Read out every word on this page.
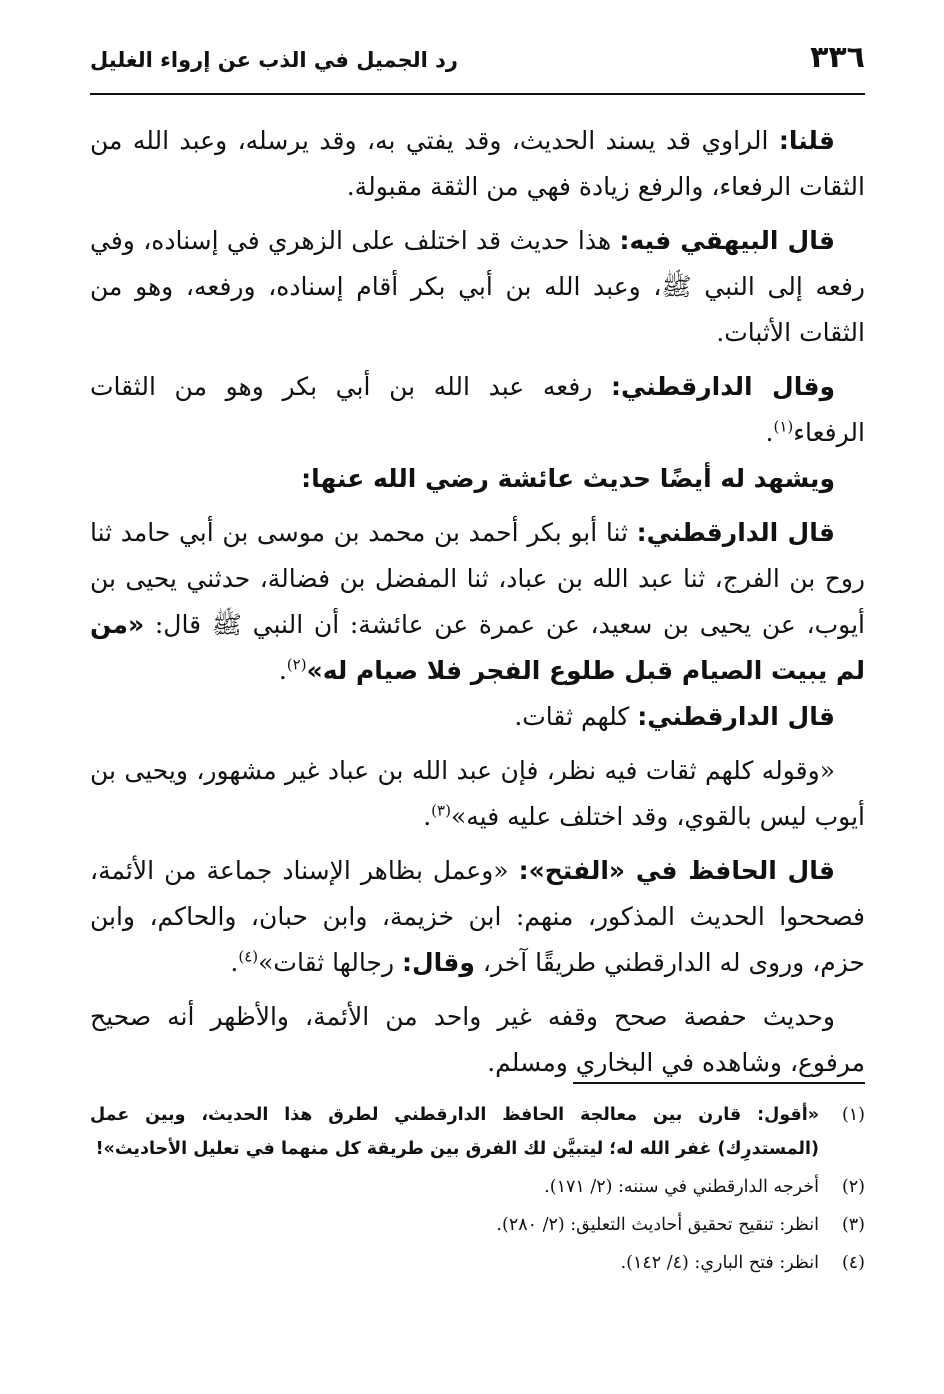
٣٣٦
رد الجميل في الذب عن إرواء الغليل

قلنا: الراوي قد يسند الحديث، وقد يفتي به، وقد يرسله، وعبد الله من الثقات الرفعاء، والرفع زيادة فهي من الثقة مقبولة.

قال البيهقي فيه: هذا حديث قد اختلف على الزهري في إسناده، وفي رفعه إلى النبي ﷺ، وعبد الله بن أبي بكر أقام إسناده، ورفعه، وهو من الثقات الأثبات.

وقال الدارقطني: رفعه عبد الله بن أبي بكر وهو من الثقات الرفعاء$^{(١)}$.

ويشهد له أيضًا حديث عائشة رضي الله عنها:

قال الدارقطني: ثنا أبو بكر أحمد بن محمد بن موسى بن أبي حامد ثنا روح بن الفرج، ثنا عبد الله بن عباد، ثنا المفضل بن فضالة، حدثني يحيى بن أيوب، عن يحيى بن سعيد، عن عمرة عن عائشة: أن النبي ﷺ قال: «من لم يبيت الصيام قبل طلوع الفجر فلا صيام له»$^{(٢)}$.

قال الدارقطني: كلهم ثقات.

«وقوله كلهم ثقات فيه نظر، فإن عبد الله بن عباد غير مشهور، ويحيى بن أيوب ليس بالقوي، وقد اختلف عليه فيه»$^{(٣)}$.

قال الحافظ في «الفتح»: «وعمل بظاهر الإسناد جماعة من الأئمة، فصححوا الحديث المذكور، منهم: ابن خزيمة، وابن حبان، والحاكم، وابن حزم، وروى له الدارقطني طريقًا آخر، وقال: رجالها ثقات»$^{(٤)}$.

وحديث حفصة صحح وقفه غير واحد من الأئمة، والأظهر أنه صحيح مرفوع، وشاهده في البخاري ومسلم.

(١)
«أقول: قارن بين معالجة الحافظ الدارقطني لطرق هذا الحديث، وبين عمل (المستدرِك) غفر الله له؛ ليتبيَّن لك الفرق بين طريقة كل منهما في تعليل الأحاديث»!
(٢)
أخرجه الدارقطني في سننه: (٢/ ١٧١).
(٣)
انظر: تنقيح تحقيق أحاديث التعليق: (٢/ ٢٨٠).
(٤)
انظر: فتح الباري: (٤/ ١٤٢).
